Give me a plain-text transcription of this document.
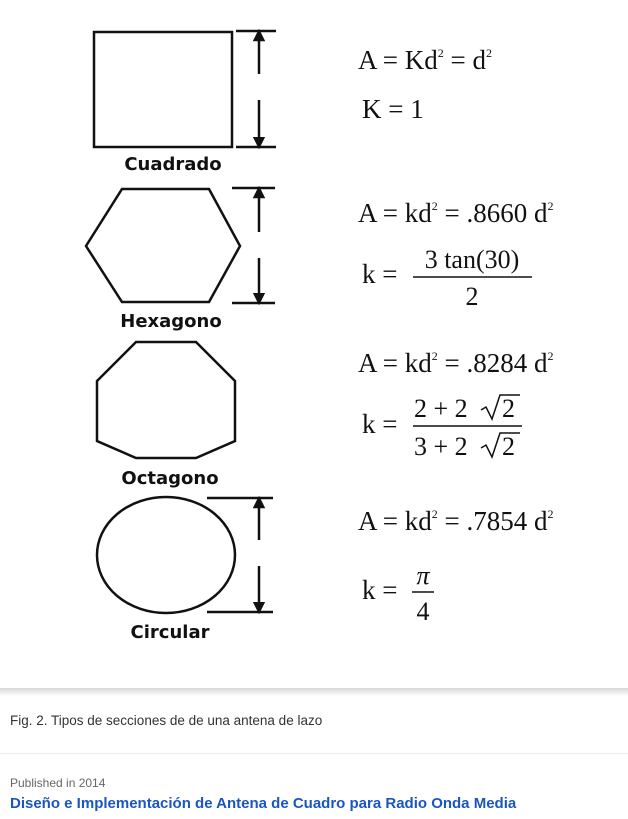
Cuadrado
$A = Kd^2 = d^2$
K = 1
Hexagono
$A = kd^2 = .8660$ $d^2$
k = 3 tan(30)
2
Octagono
$A = kd^2 = .8284$ $d^2$
k =
2 + 2 2
3 + 2 2
Circular
$A = kd^2 = .7854$ $d^2$
k = π
4
Fig. 2. Tipos de secciones de de una antena de lazo
Published in 2014
Diseño e Implementación de Antena de Cuadro para Radio Onda Media
